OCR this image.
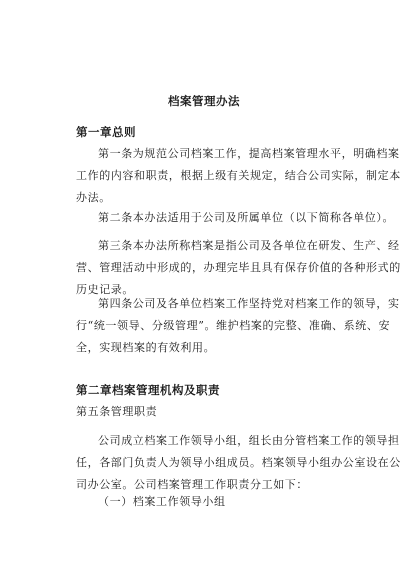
档案管理办法
第一章总则
第一条为规范公司档案工作，提高档案管理水平，明确档案
工作的内容和职责，根据上级有关规定，结合公司实际，制定本
办法。
第二条本办法适用于公司及所属单位（以下简称各单位）。
第三条本办法所称档案是指公司及各单位在研发、生产、经
营、管理活动中形成的，办理完毕且具有保存价值的各种形式的
历史记录。
第四条公司及各单位档案工作坚持党对档案工作的领导，实
行“统一领导、分级管理”。维护档案的完整、准确、系统、安
全，实现档案的有效利用。
第二章档案管理机构及职责
第五条管理职责
公司成立档案工作领导小组，组长由分管档案工作的领导担
任，各部门负责人为领导小组成员。档案领导小组办公室设在公
司办公室。公司档案管理工作职责分工如下：
（一）档案工作领导小组
